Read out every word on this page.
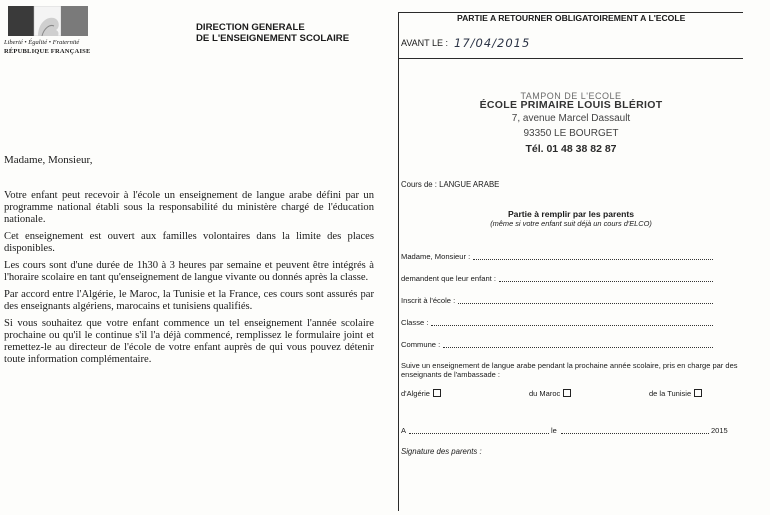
Liberté • Égalité • Fraternité
RÉPUBLIQUE FRANÇAISE
DIRECTION GENERALE
DE L'ENSEIGNEMENT SCOLAIRE
Madame, Monsieur,

Votre enfant peut recevoir à l'école un enseignement de langue arabe défini par un programme national établi sous la responsabilité du ministère chargé de l'éducation nationale.

Cet enseignement est ouvert aux familles volontaires dans la limite des places disponibles.

Les cours sont d'une durée de 1h30 à 3 heures par semaine et peuvent être intégrés à l'horaire scolaire en tant qu'enseignement de langue vivante ou donnés après la classe.

Par accord entre l'Algérie, le Maroc, la Tunisie et la France, ces cours sont assurés par des enseignants algériens, marocains et tunisiens qualifiés.

Si vous souhaitez que votre enfant commence un tel enseignement l'année scolaire prochaine ou qu'il le continue s'il l'a déjà commencé, remplissez le formulaire joint et remettez-le au directeur de l'école de votre enfant auprès de qui vous pouvez détenir toute information complémentaire.

PARTIE A RETOURNER OBLIGATOIREMENT A L'ECOLE
AVANT LE : 17/04/2015
TAMPON DE L'ECOLE
ÉCOLE PRIMAIRE LOUIS BLÉRIOT
7, avenue Marcel Dassault
93350 LE BOURGET
Tél. 01 48 38 82 87
Cours de : LANGUE ARABE
Partie à remplir par les parents
(même si votre enfant suit déjà un cours d'ELCO)
Madame, Monsieur :
demandent que leur enfant :
Inscrit à l'école :
Classe :
Commune :
Suive un enseignement de langue arabe pendant la prochaine année scolaire, pris en charge par des enseignants de l'ambassade :
d'Algérie	du Maroc	de la Tunisie
A	le	2015
Signature des parents :
